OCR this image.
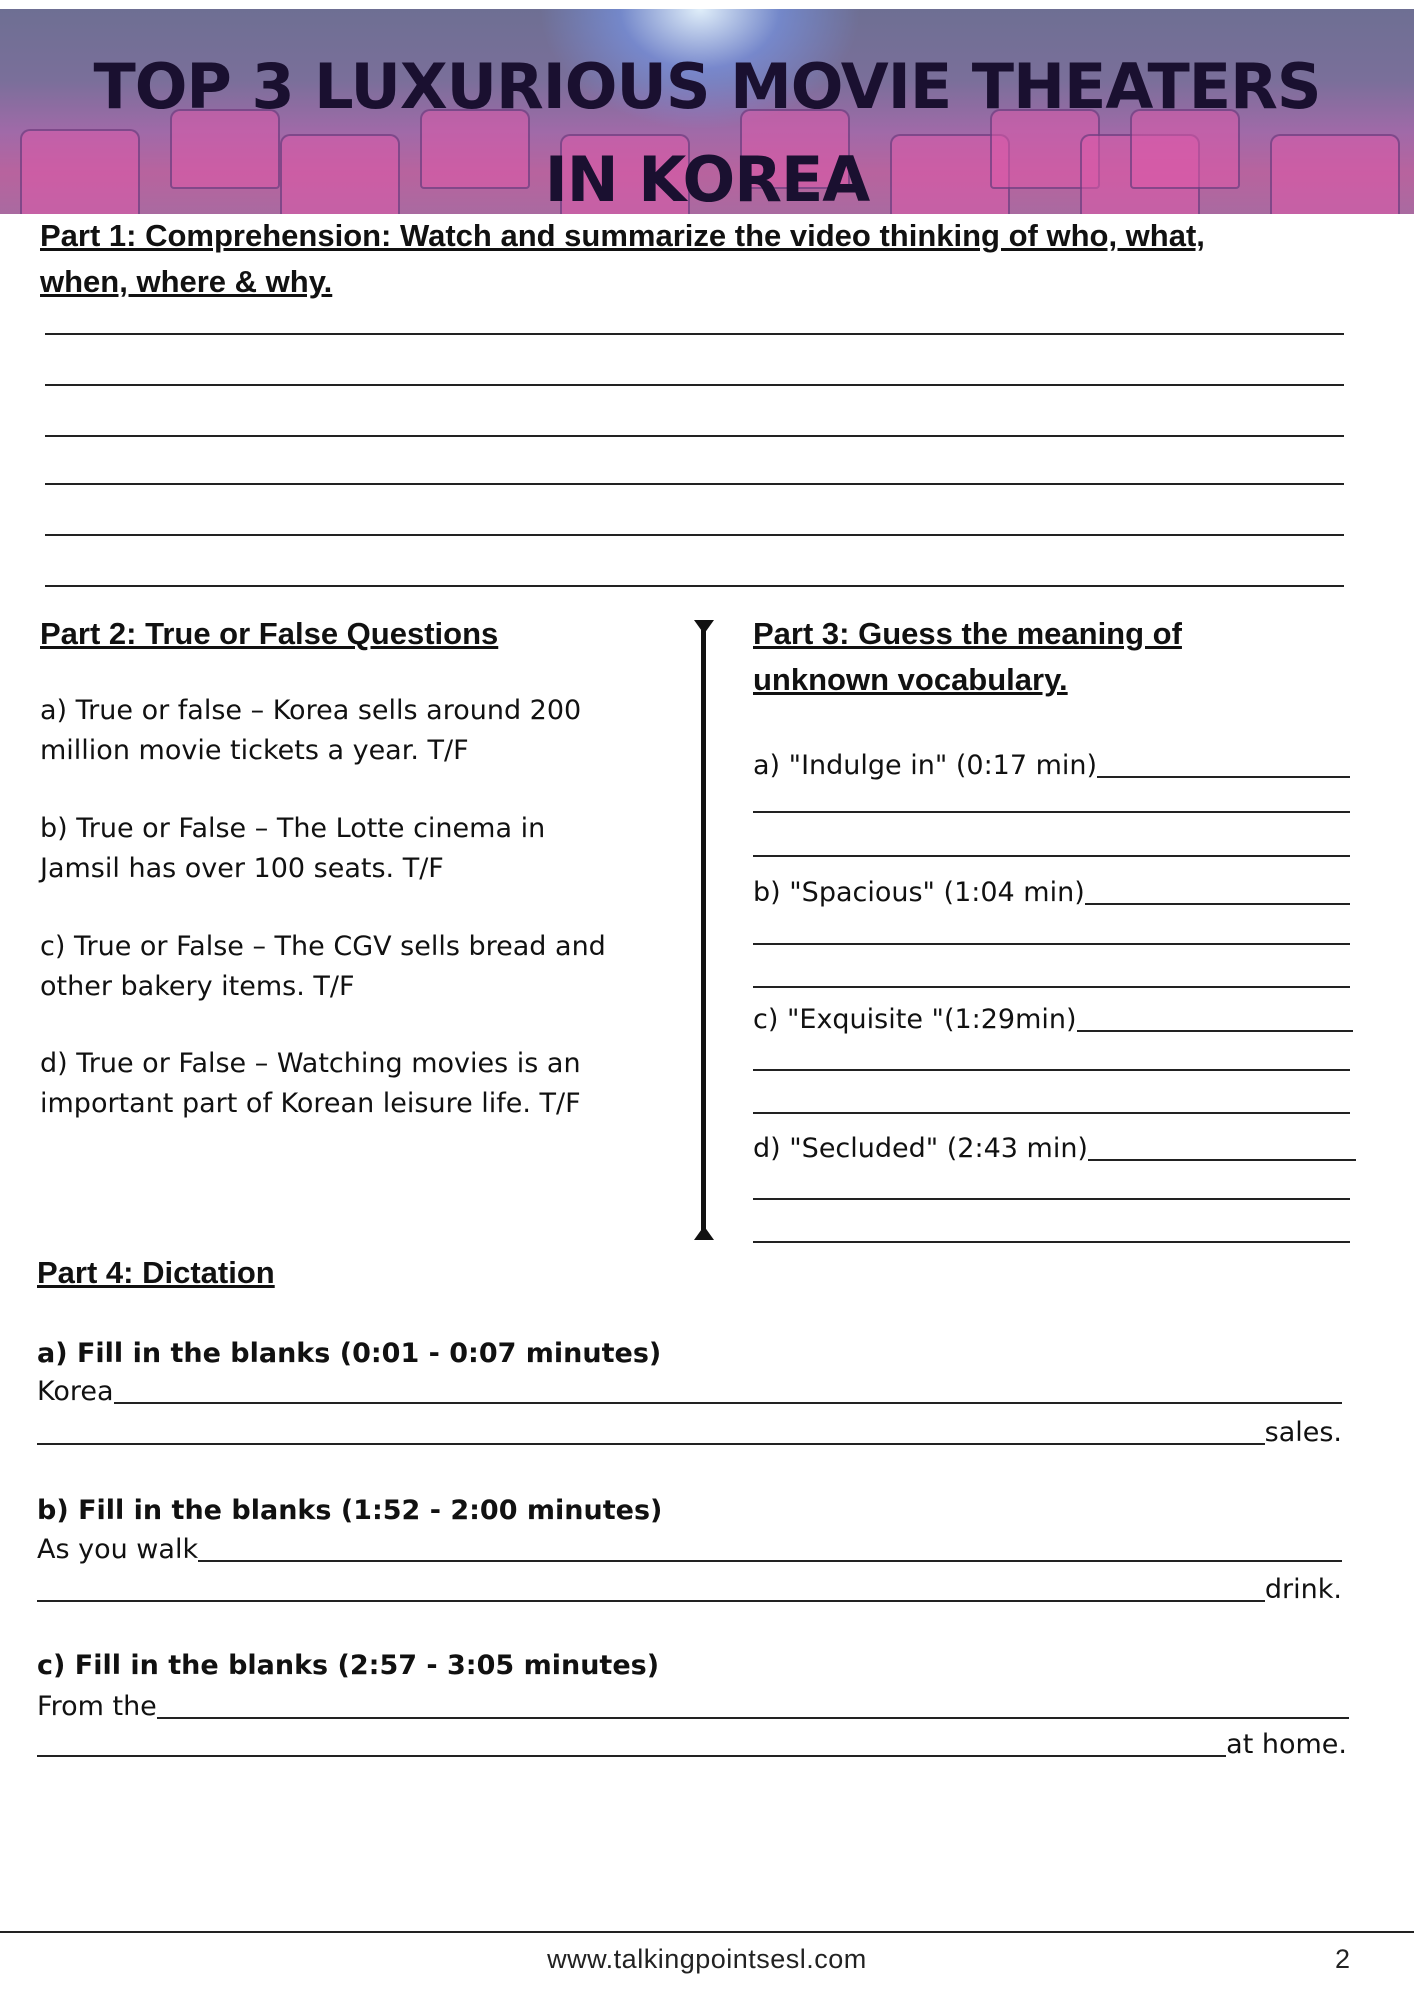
TOP 3 LUXURIOUS MOVIE THEATERS
IN KOREA
Part 1: Comprehension: Watch and summarize the video thinking of who, what,
when, where & why.
Part 2: True or False Questions
a) True or false – Korea sells around 200
million movie tickets a year. T/F
b) True or False – The Lotte cinema in
Jamsil has over 100 seats. T/F
c) True or False – The CGV sells bread and
other bakery items. T/F
d) True or False – Watching movies is an
important part of Korean leisure life. T/F
Part 3: Guess the meaning of
unknown vocabulary.
a) "Indulge in" (0:17 min)
b) "Spacious" (1:04 min)
c) "Exquisite "(1:29min)
d) "Secluded" (2:43 min)
Part 4: Dictation
a) Fill in the blanks (0:01 - 0:07 minutes)
Korea
sales.
b) Fill in the blanks (1:52 - 2:00 minutes)
As you walk
drink.
c) Fill in the blanks (2:57 - 3:05 minutes)
From the
at home.
www.talkingpointsesl.com	2
